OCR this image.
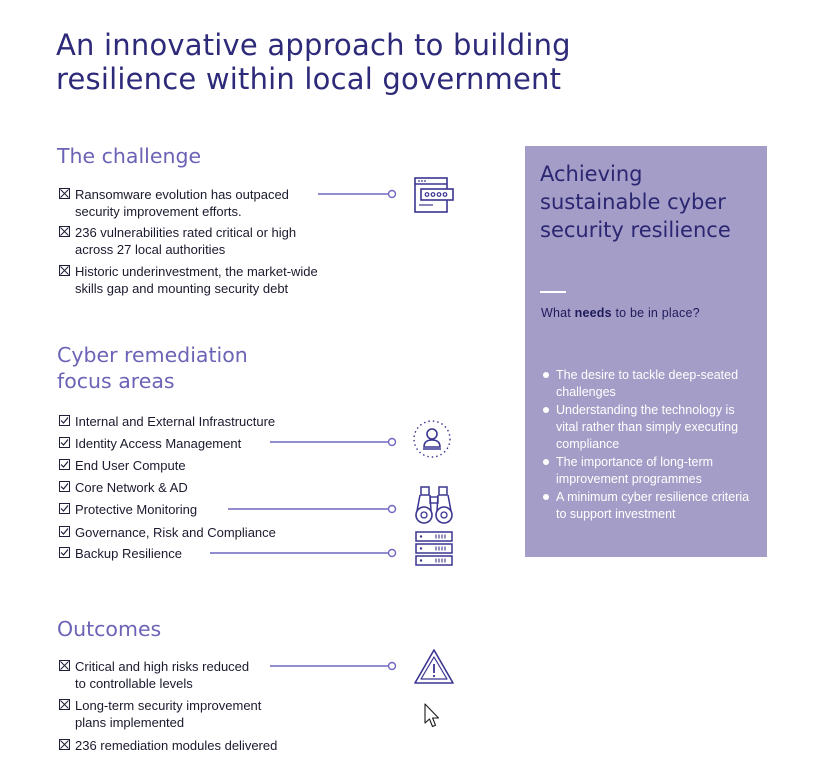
An innovative approach to building resilience within local government
The challenge
Ransomware evolution has outpaced security improvement efforts.
236 vulnerabilities rated critical or high across 27 local authorities
Historic underinvestment, the market-wide skills gap and mounting security debt
Cyber remediation
focus areas
Internal and External Infrastructure
Identity Access Management
End User Compute
Core Network & AD
Protective Monitoring
Governance, Risk and Compliance
Backup Resilience
Outcomes
Critical and high risks reduced to controllable levels
Long-term security improvement plans implemented
236 remediation modules delivered
Achieving sustainable cyber security resilience
What needs to be in place?
The desire to tackle deep-seated challenges
Understanding the technology is vital rather than simply executing compliance
The importance of long-term improvement programmes
A minimum cyber resilience criteria to support investment
